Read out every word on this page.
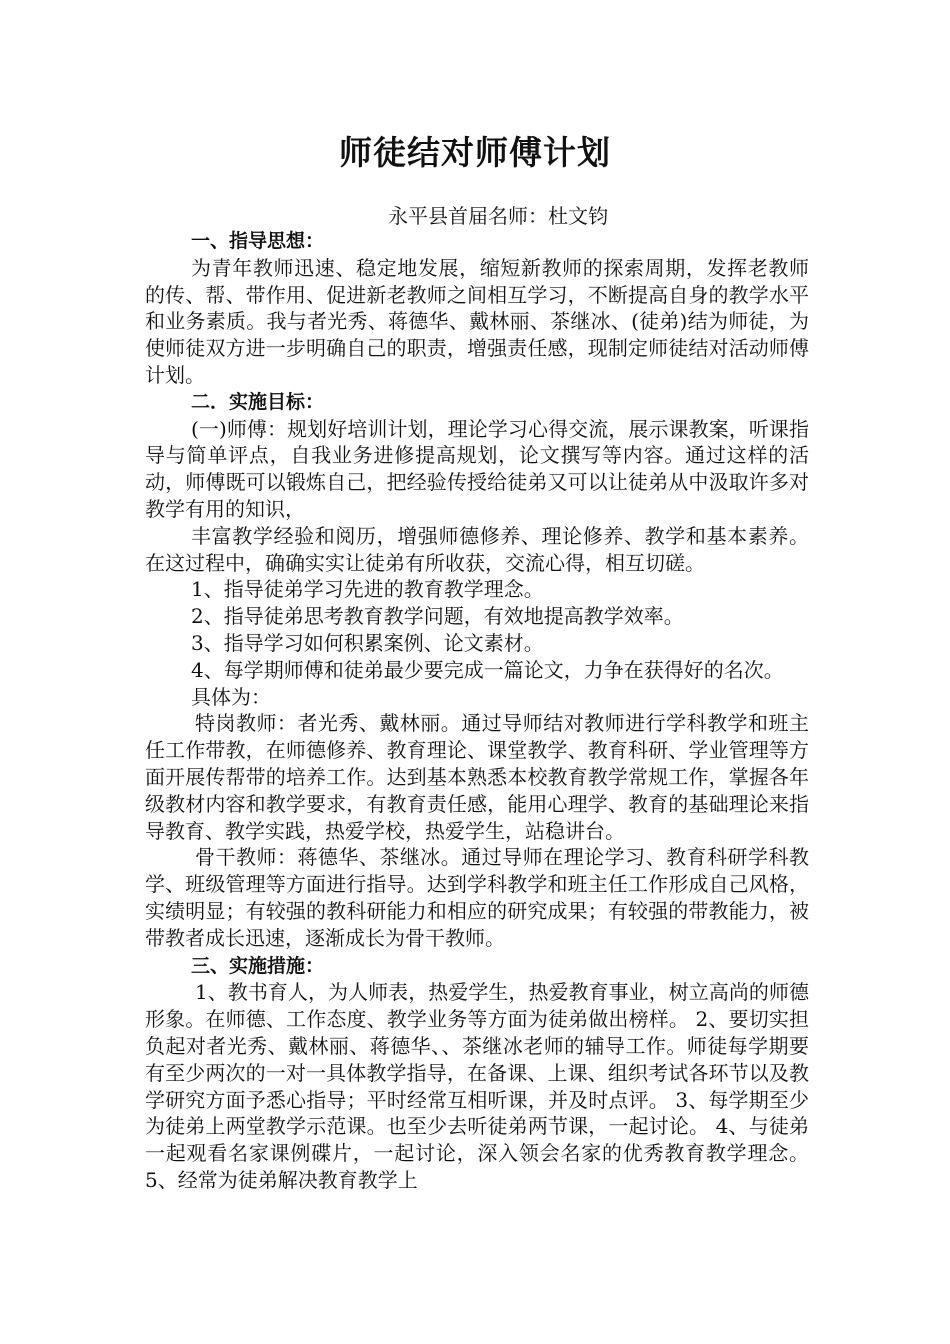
师徒结对师傅计划
永平县首届名师：杜文钧

一、指导思想：

为青年教师迅速、稳定地发展，缩短新教师的探索周期，发挥老教师的传、帮、带作用、促进新老教师之间相互学习，不断提高自身的教学水平和业务素质。我与者光秀、蒋德华、戴林丽、茶继冰、(徒弟)结为师徒，为使师徒双方进一步明确自己的职责，增强责任感，现制定师徒结对活动师傅计划。

二．实施目标：

(一)师傅：规划好培训计划，理论学习心得交流，展示课教案，听课指导与简单评点，自我业务进修提高规划，论文撰写等内容。通过这样的活动，师傅既可以锻炼自己，把经验传授给徒弟又可以让徒弟从中汲取许多对教学有用的知识，

丰富教学经验和阅历，增强师德修养、理论修养、教学和基本素养。在这过程中，确确实实让徒弟有所收获，交流心得，相互切磋。

1、指导徒弟学习先进的教育教学理念。

2、指导徒弟思考教育教学问题，有效地提高教学效率。

3、指导学习如何积累案例、论文素材。

4、每学期师傅和徒弟最少要完成一篇论文，力争在获得好的名次。

具体为：

特岗教师：者光秀、戴林丽。通过导师结对教师进行学科教学和班主任工作带教，在师德修养、教育理论、课堂教学、教育科研、学业管理等方面开展传帮带的培养工作。达到基本熟悉本校教育教学常规工作，掌握各年级教材内容和教学要求，有教育责任感，能用心理学、教育的基础理论来指导教育、教学实践，热爱学校，热爱学生，站稳讲台。

骨干教师：蒋德华、茶继冰。通过导师在理论学习、教育科研学科教学、班级管理等方面进行指导。达到学科教学和班主任工作形成自己风格，实绩明显；有较强的教科研能力和相应的研究成果；有较强的带教能力，被带教者成长迅速，逐渐成长为骨干教师。

三、实施措施：

1、教书育人，为人师表，热爱学生，热爱教育事业，树立高尚的师德形象。在师德、工作态度、教学业务等方面为徒弟做出榜样。 2、要切实担负起对者光秀、戴林丽、蒋德华、、茶继冰老师的辅导工作。师徒每学期要有至少两次的一对一具体教学指导，在备课、上课、组织考试各环节以及教学研究方面予悉心指导；平时经常互相听课，并及时点评。 3、每学期至少为徒弟上两堂教学示范课。也至少去听徒弟两节课，一起讨论。 4、与徒弟一起观看名家课例碟片，一起讨论，深入领会名家的优秀教育教学理念。 5、经常为徒弟解决教育教学上
